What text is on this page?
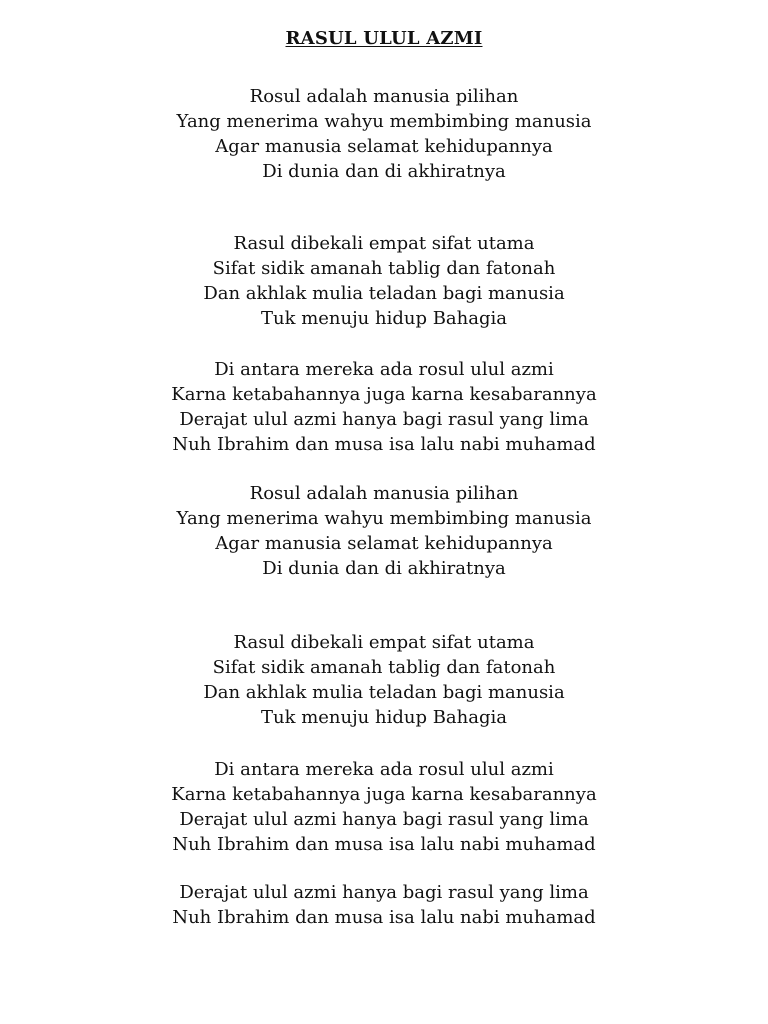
RASUL ULUL AZMI
Rosul adalah manusia pilihan
Yang menerima wahyu membimbing manusia
Agar manusia selamat kehidupannya
Di dunia dan di akhiratnya
Rasul dibekali empat sifat utama
Sifat sidik amanah tablig dan fatonah
Dan akhlak mulia teladan bagi manusia
Tuk menuju hidup Bahagia
Di antara mereka ada rosul ulul azmi
Karna ketabahannya juga karna kesabarannya
Derajat ulul azmi hanya bagi rasul yang lima
Nuh Ibrahim dan musa isa lalu nabi muhamad
Rosul adalah manusia pilihan
Yang menerima wahyu membimbing manusia
Agar manusia selamat kehidupannya
Di dunia dan di akhiratnya
Rasul dibekali empat sifat utama
Sifat sidik amanah tablig dan fatonah
Dan akhlak mulia teladan bagi manusia
Tuk menuju hidup Bahagia
Di antara mereka ada rosul ulul azmi
Karna ketabahannya juga karna kesabarannya
Derajat ulul azmi hanya bagi rasul yang lima
Nuh Ibrahim dan musa isa lalu nabi muhamad
Derajat ulul azmi hanya bagi rasul yang lima
Nuh Ibrahim dan musa isa lalu nabi muhamad
